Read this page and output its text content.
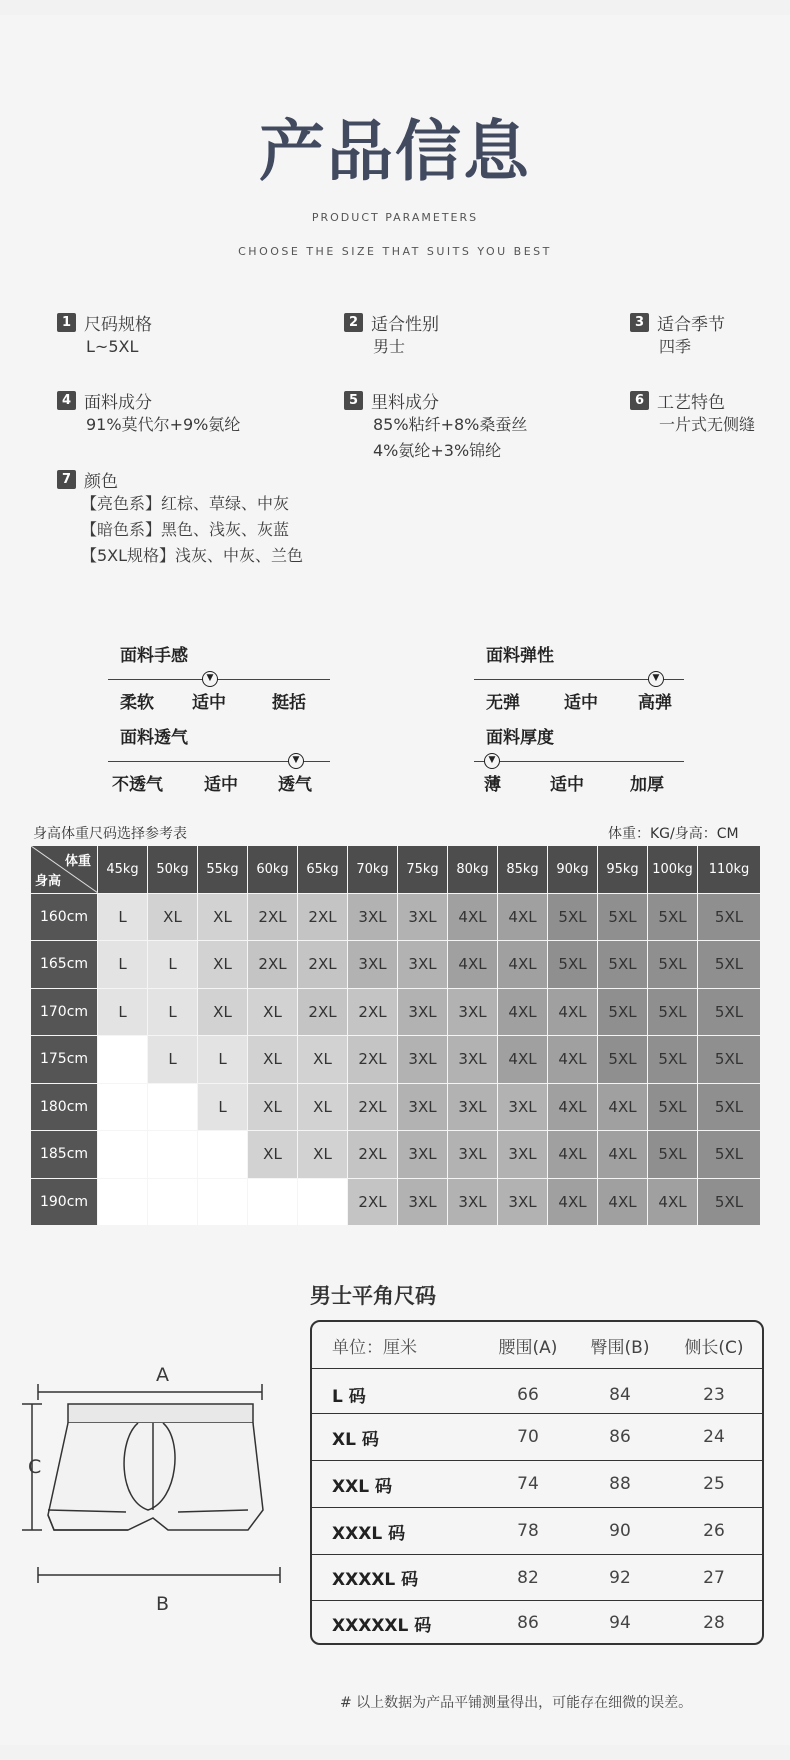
产品信息
PRODUCT PARAMETERS
CHOOSE THE SIZE THAT SUITS YOU BEST
1 尺码规格
L~5XL
2 适合性别
男士
3 适合季节
四季
4 面料成分
91%莫代尔+9%氨纶
5 里料成分
85%粘纤+8%桑蚕丝
4%氨纶+3%锦纶
6 工艺特色
一片式无侧缝
7 颜色
【亮色系】红棕、草绿、中灰
【暗色系】黑色、浅灰、灰蓝
【5XL规格】浅灰、中灰、兰色
面料手感
▼
柔软 适中	挺括
面料弹性
▼
无弹	适中 高弹
面料透气
▼
不透气 适中 透气
面料厚度
▼
薄	适中	加厚
身高体重尺码选择参考表	体重：KG/身高：CM
体重
身高	45kg	50kg	55kg	60kg	65kg	70kg	75kg	80kg	85kg	90kg	95kg	100kg	110kg
160cm	L	XL	XL	2XL	2XL	3XL	3XL	4XL	4XL	5XL	5XL	5XL	5XL
165cm	L	L	XL	2XL	2XL	3XL	3XL	4XL	4XL	5XL	5XL	5XL	5XL
170cm	L	L	XL	XL	2XL	2XL	3XL	3XL	4XL	4XL	5XL	5XL	5XL
175cm		L	L	XL	XL	2XL	3XL	3XL	4XL	4XL	5XL	5XL	5XL
180cm			L	XL	XL	2XL	3XL	3XL	3XL	4XL	4XL	5XL	5XL
185cm				XL	XL	2XL	3XL	3XL	3XL	4XL	4XL	5XL	5XL
190cm						2XL	3XL	3XL	3XL	4XL	4XL	4XL	5XL
A
C
B
男士平角尺码
单位：厘米	腰围(A)	臀围(B)	侧长(C)
L 码	66	84	23
XL 码	70	86	24
XXL 码	74	88	25
XXXL 码	78	90	26
XXXXL 码	82	92	27
XXXXXL 码	86	94	28
# 以上数据为产品平铺测量得出，可能存在细微的误差。
